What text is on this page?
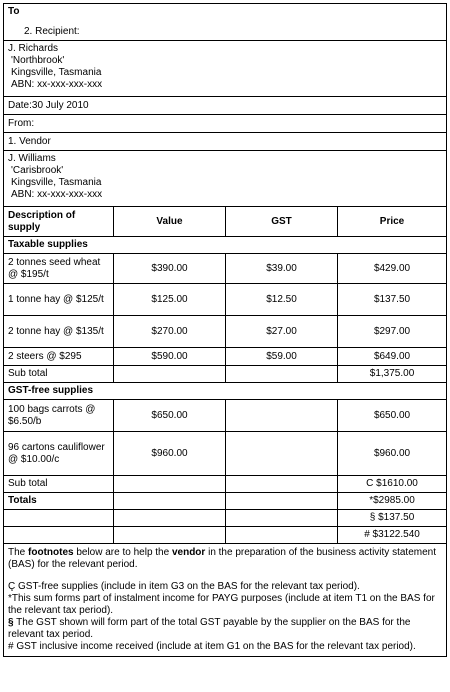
To
2. Recipient:			

J. Richards
'Northbrook'
Kingsville, Tasmania
ABN: xx-xxx-xxx-xxx			

Date:30 July 2010			
From:			
1. Vendor			

J. Williams
'Carisbrook'
Kingsville, Tasmania
ABN: xx-xxx-xxx-xxx			

Description of supply	Value	GST	Price
Taxable supplies			
2 tonnes seed wheat @ $195/t	$390.00	$39.00	$429.00
1 tonne hay @ $125/t	$125.00	$12.50	$137.50
2 tonne hay @ $135/t	$270.00	$27.00	$297.00
2 steers @ $295	$590.00	$59.00	$649.00
Sub total			$1,375.00
GST-free supplies			
100 bags carrots @ $6.50/b	$650.00		$650.00
96 cartons cauliflower @ $10.00/c	$960.00		$960.00
Sub total			C $1610.00
Totals			*$2985.00
			§ $137.50
			# $3122.540

The footnotes below are to help the vendor in the preparation of the business activity statement (BAS) for the relevant period.

Ç GST-free supplies (include in item G3 on the BAS for the relevant tax period).

*This sum forms part of instalment income for PAYG purposes (include at item T1 on the BAS for the relevant tax period).

§ The GST shown will form part of the total GST payable by the supplier on the BAS for the relevant tax period.

# GST inclusive income received (include at item G1 on the BAS for the relevant tax period).			
